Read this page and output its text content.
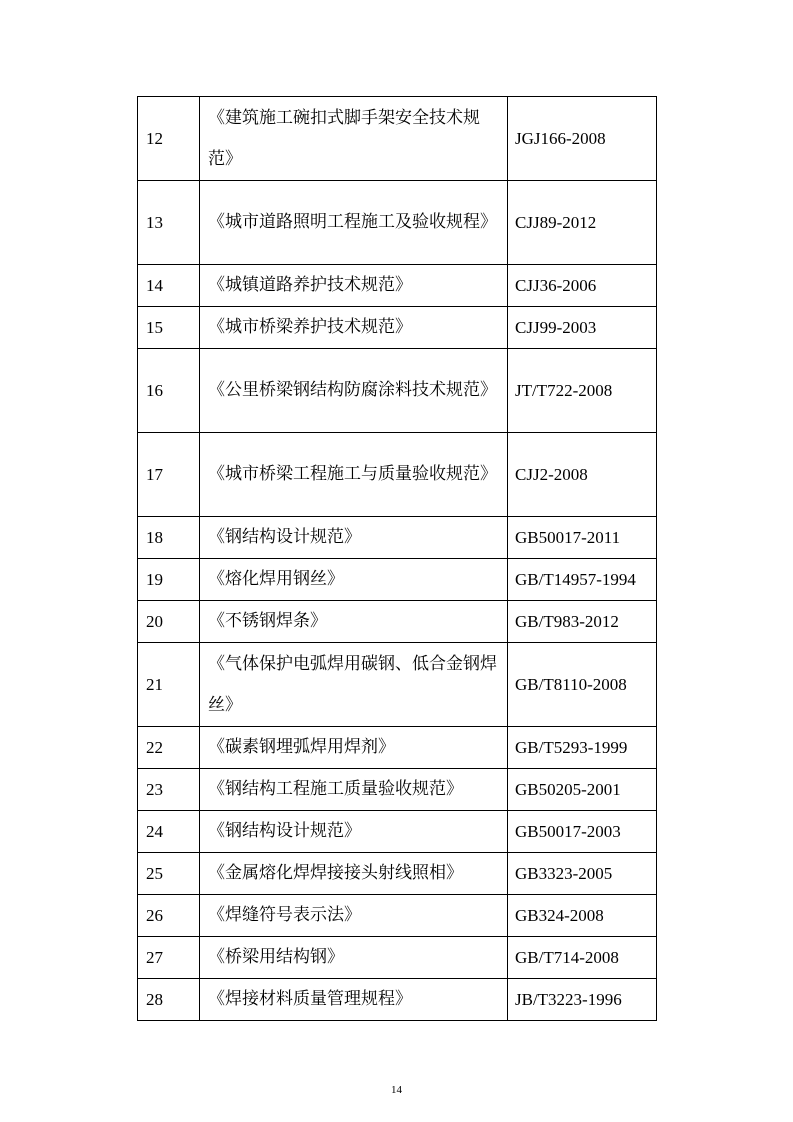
12	《建筑施工碗扣式脚手架安全技术规范》	JGJ166-2008
13	《城市道路照明工程施工及验收规程》	CJJ89-2012
14	《城镇道路养护技术规范》	CJJ36-2006
15	《城市桥梁养护技术规范》	CJJ99-2003
16	《公里桥梁钢结构防腐涂料技术规范》	JT/T722-2008
17	《城市桥梁工程施工与质量验收规范》	CJJ2-2008
18	《钢结构设计规范》	GB50017-2011
19	《熔化焊用钢丝》	GB/T14957-1994
20	《不锈钢焊条》	GB/T983-2012
21	《气体保护电弧焊用碳钢、低合金钢焊丝》	GB/T8110-2008
22	《碳素钢埋弧焊用焊剂》	GB/T5293-1999
23	《钢结构工程施工质量验收规范》	GB50205-2001
24	《钢结构设计规范》	GB50017-2003
25	《金属熔化焊焊接接头射线照相》	GB3323-2005
26	《焊缝符号表示法》	GB324-2008
27	《桥梁用结构钢》	GB/T714-2008
28	《焊接材料质量管理规程》	JB/T3223-1996
14
